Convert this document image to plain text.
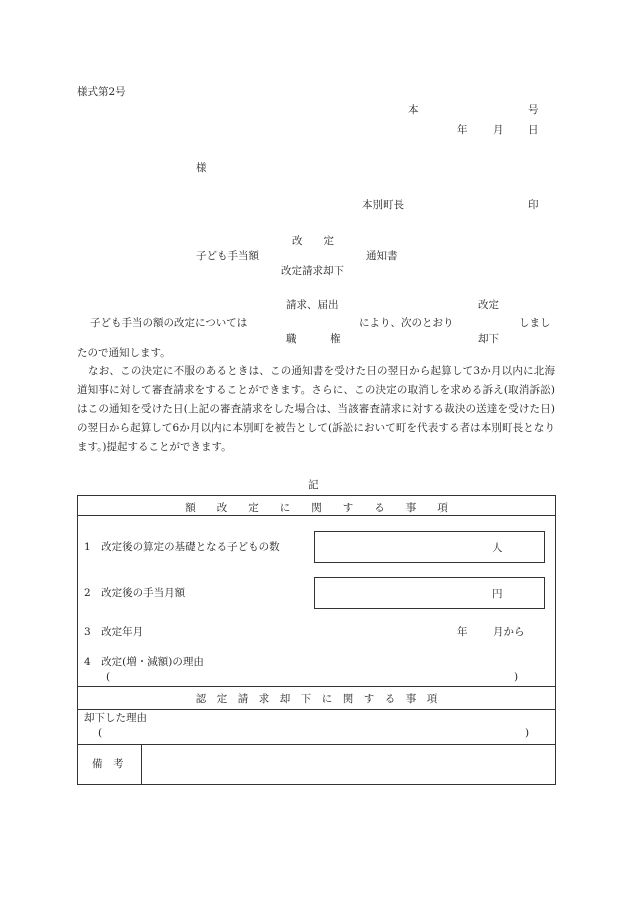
様式第2号
本	号
年 月 日
様
本別町長	印
改　　定
子ども手当額	通知書
改定請求却下
請求、届出	改定
子ども手当の額の改定については	により、次のとおり	しまし
職	権	却下
たので通知します。
なお、この決定に不服のあるときは、この通知書を受けた日の翌日から起算して3か月以内に北海道知事に対して審査請求をすることができます。さらに、この決定の取消しを求める訴え(取消訴訟)はこの通知を受けた日(上記の審査請求をした場合は、当該審査請求に対する裁決の送達を受けた日)の翌日から起算して6か月以内に本別町を被告として(訴訟において町を代表する者は本別町長となります。)提起することができます。
記
額　　改　　定　　に　　関　　す　　る　　事　　項
1　改定後の算定の基礎となる子どもの数	人
2　改定後の手当月額	円
3　改定年月	年 月から
4　改定(増・減額)の理由
(	)
認　定　請　求　却　下　に　関　す　る　事　項
却下した理由
(	)
備　考
